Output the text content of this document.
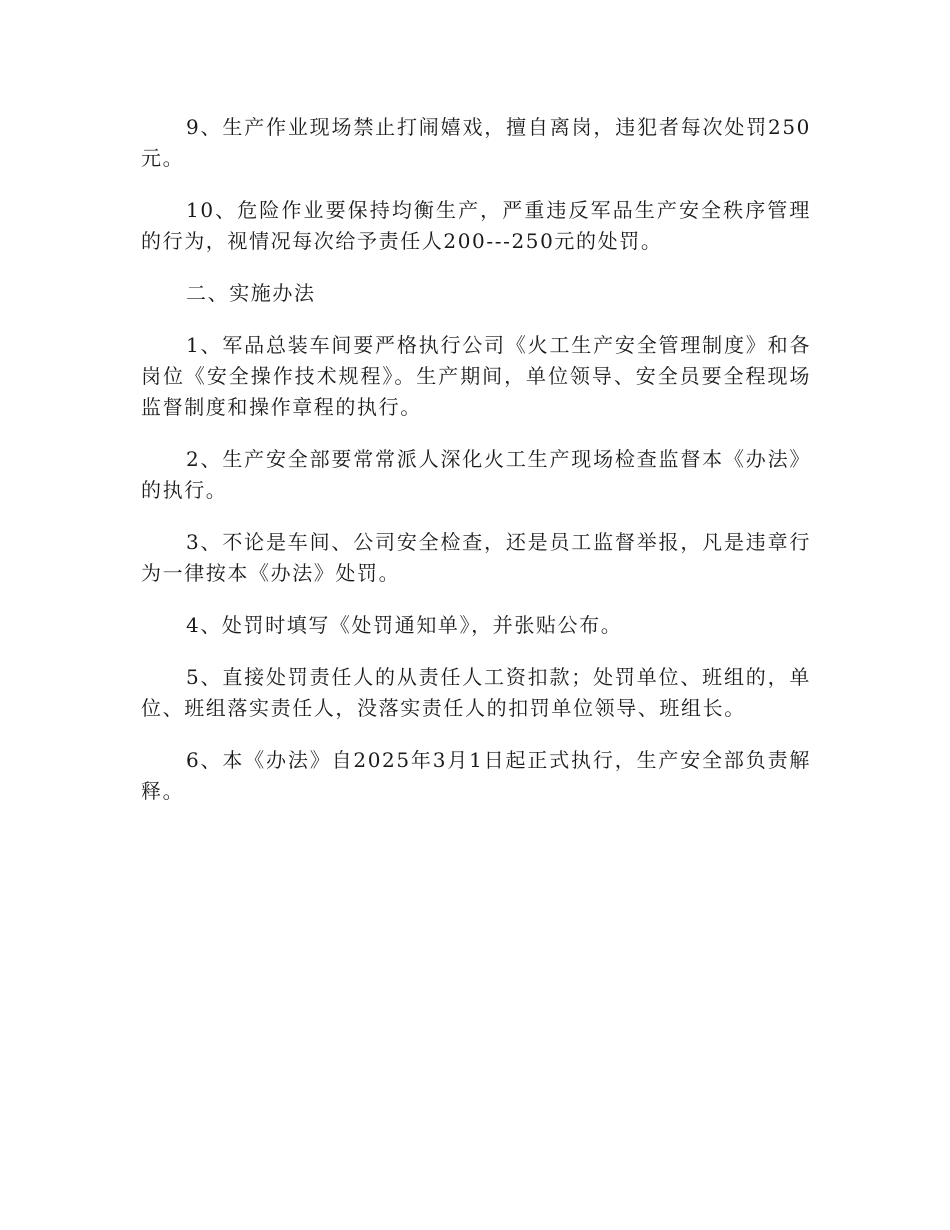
9、生产作业现场禁止打闹嬉戏，擅自离岗，违犯者每次处罚250元。

10、危险作业要保持均衡生产，严重违反军品生产安全秩序管理的行为，视情况每次给予责任人200---250元的处罚。

二、实施办法

1、军品总装车间要严格执行公司《火工生产安全管理制度》和各岗位《安全操作技术规程》。生产期间，单位领导、安全员要全程现场监督制度和操作章程的执行。

2、生产安全部要常常派人深化火工生产现场检查监督本《办法》的执行。

3、不论是车间、公司安全检查，还是员工监督举报，凡是违章行为一律按本《办法》处罚。

4、处罚时填写《处罚通知单》，并张贴公布。

5、直接处罚责任人的从责任人工资扣款；处罚单位、班组的，单位、班组落实责任人，没落实责任人的扣罚单位领导、班组长。

6、本《办法》自2025年3月1日起正式执行，生产安全部负责解释。
